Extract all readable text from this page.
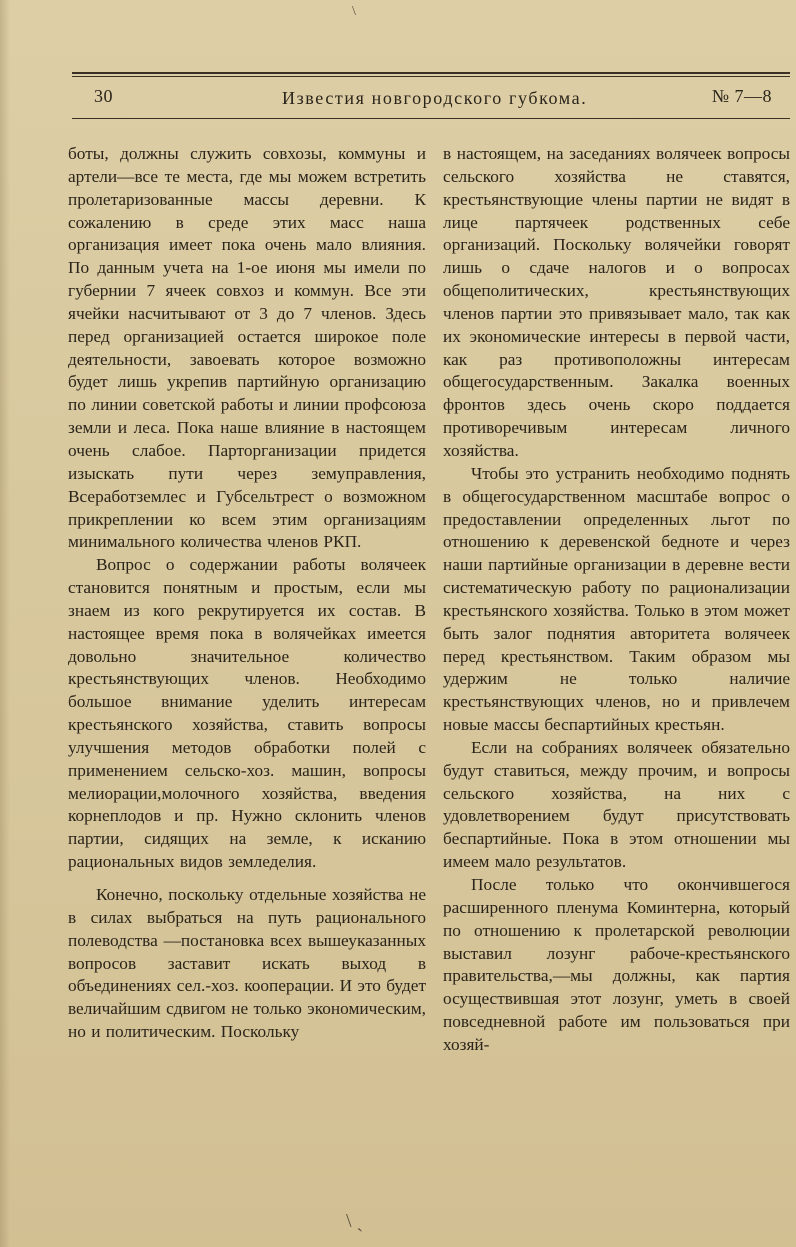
\
30	Известия новгородского губкома.	№ 7—8

боты, должны служить совхозы, коммуны и артели—все те места, где мы можем встретить пролетаризованные массы деревни. К сожалению в среде этих масс наша организация имеет пока очень мало влияния. По данным учета на 1-ое июня мы имели по губернии 7 ячеек совхоз и коммун. Все эти ячейки насчитывают от 3 до 7 членов. Здесь перед организацией остается широкое поле деятельности, завоевать которое возможно будет лишь укрепив партийную организацию по линии советской работы и линии профсоюза земли и леса. Пока наше влияние в настоящем очень слабое. Парторганизации придется изыскать пути через земуправления, Всеработземлес и Губсельтрест о возможном прикреплении ко всем этим организациям минимального количества членов РКП.

Вопрос о содержании работы волячеек становится понятным и простым, если мы знаем из кого рекрутируется их состав. В настоящее время пока в волячейках имеется довольно значительное количество крестьянствующих членов. Необходимо большое внимание уделить интересам крестьянского хозяйства, ставить вопросы улучшения методов обработки полей с применением сельско-хоз. машин, вопросы мелиорации,молочного хозяйства, введения корнеплодов и пр. Нужно склонить членов партии, сидящих на земле, к исканию рациональных видов земледелия.

Конечно, поскольку отдельные хозяйства не в силах выбраться на путь рационального полеводства —постановка всех вышеуказанных вопросов заставит искать выход в объединениях сел.-хоз. кооперации. И это будет величайшим сдвигом не только экономическим, но и политическим. Поскольку

в настоящем, на заседаниях волячеек вопросы сельского хозяйства не ставятся, крестьянствующие члены партии не видят в лице партячеек родственных себе организаций. Поскольку волячейки говорят лишь о сдаче налогов и о вопросах общеполитических, крестьянствующих членов партии это привязывает мало, так как их экономические интересы в первой части, как раз противоположны интересам общегосударственным. Закалка военных фронтов здесь очень скоро поддается противоречивым интересам личного хозяйства.

Чтобы это устранить необходимо поднять в общегосударственном масштабе вопрос о предоставлении определенных льгот по отношению к деревенской бедноте и через наши партийные организации в деревне вести систематическую работу по рационализации крестьянского хозяйства. Только в этом может быть залог поднятия авторитета волячеек перед крестьянством. Таким образом мы удержим не только наличие крестьянствующих членов, но и привлечем новые массы беспартийных крестьян.

Если на собраниях волячеек обязательно будут ставиться, между прочим, и вопросы сельского хозяйства, на них с удовлетворением будут присутствовать беспартийные. Пока в этом отношении мы имеем мало результатов.

После только что окончившегося расширенного пленума Коминтерна, который по отношению к пролетарской революции выставил лозунг рабоче-крестьянского правительства,—мы должны, как партия осуществившая этот лозунг, уметь в своей повседневной работе им пользоваться при хозяй-

\ ˎ
